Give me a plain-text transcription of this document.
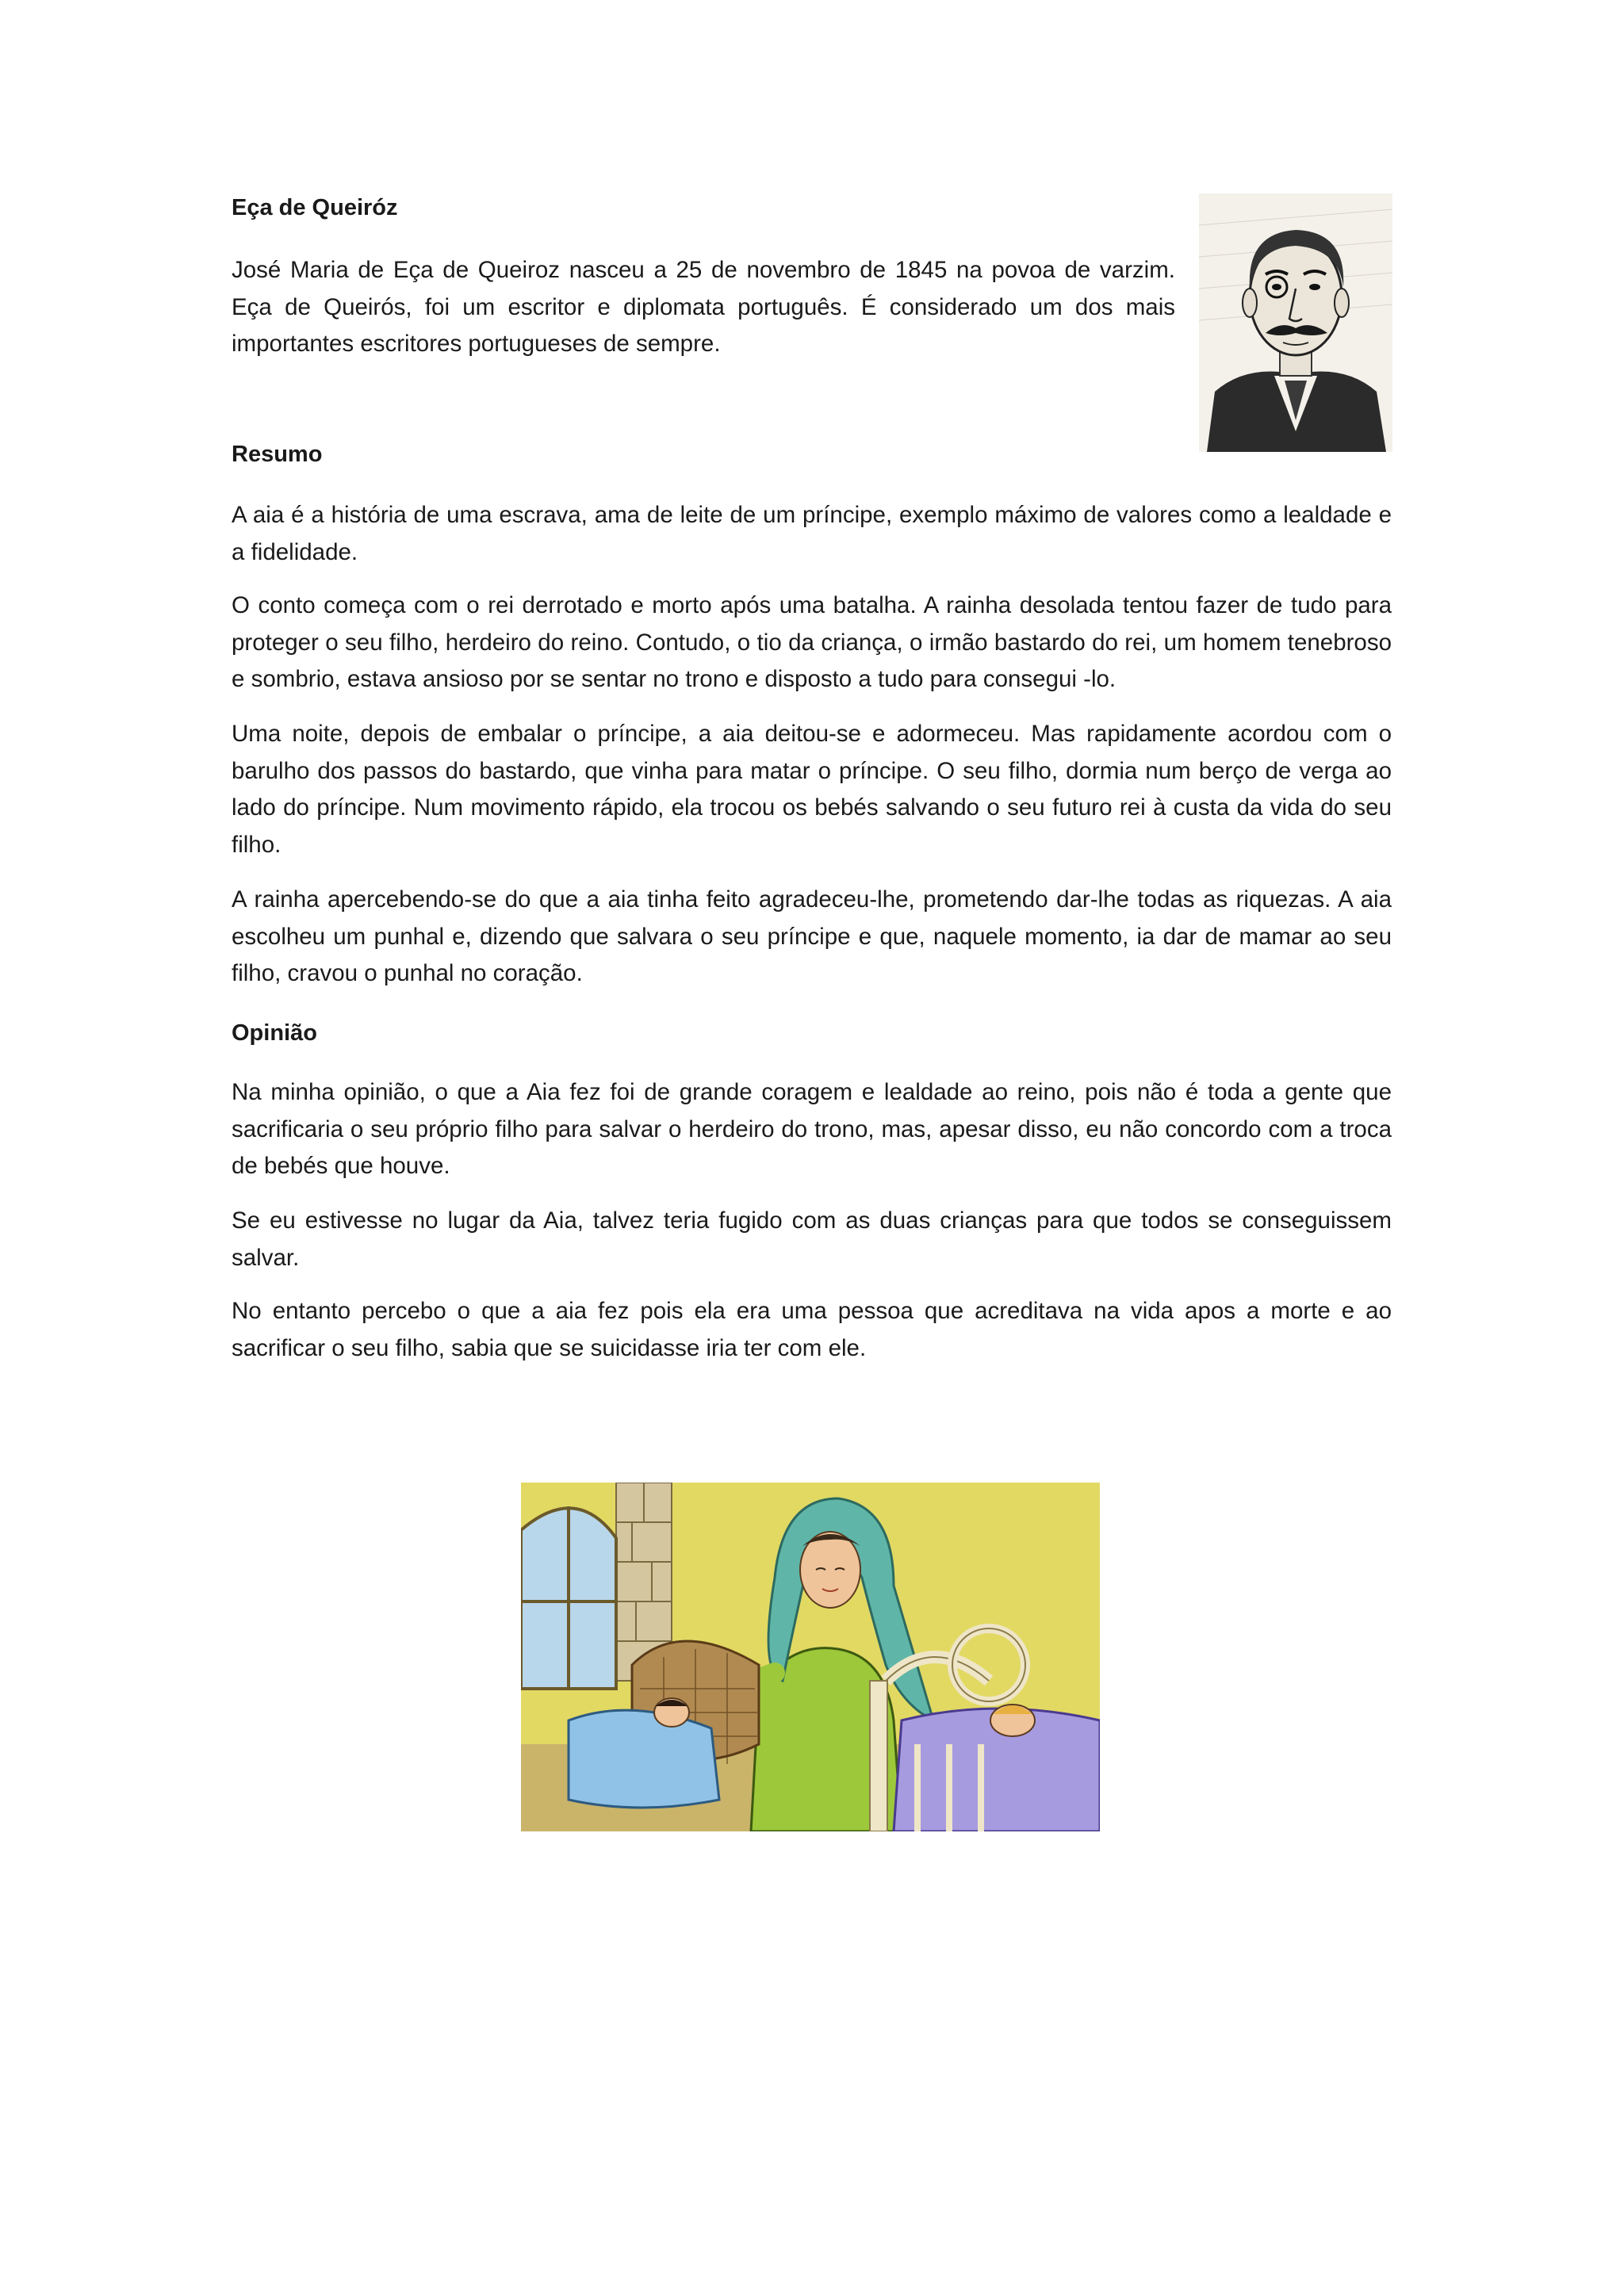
Eça de Queiróz

José Maria de Eça de Queiroz nasceu a 25 de novembro de 1845 na povoa de varzim. Eça de Queirós, foi um escritor e diplomata português. É considerado um dos mais importantes escritores portugueses de sempre.

Resumo

A aia é a história de uma escrava, ama de leite de um príncipe, exemplo máximo de valores como a lealdade e a fidelidade.

O conto começa com o rei derrotado e morto após uma batalha. A rainha desolada tentou fazer de tudo para proteger o seu filho, herdeiro do reino. Contudo, o tio da criança, o irmão bastardo do rei, um homem tenebroso e sombrio, estava ansioso por se sentar no trono e disposto a tudo para consegui -lo.

Uma noite, depois de embalar o príncipe, a aia deitou-se e adormeceu. Mas rapidamente acordou com o barulho dos passos do bastardo, que vinha para matar o príncipe. O seu filho, dormia num berço de verga ao lado do príncipe. Num movimento rápido, ela trocou os bebés salvando o seu futuro rei à custa da vida do seu filho.

A rainha apercebendo-se do que a aia tinha feito agradeceu-lhe, prometendo dar-lhe todas as riquezas. A aia escolheu um punhal e, dizendo que salvara o seu príncipe e que, naquele momento, ia dar de mamar ao seu filho, cravou o punhal no coração.

Opinião

Na minha opinião, o que a Aia fez foi de grande coragem e lealdade ao reino, pois não é toda a gente que sacrificaria o seu próprio filho para salvar o herdeiro do trono, mas, apesar disso, eu não concordo com a troca de bebés que houve.

Se eu estivesse no lugar da Aia, talvez teria fugido com as duas crianças para que todos se conseguissem salvar.

No entanto percebo o que a aia fez pois ela era uma pessoa que acreditava na vida apos a morte e ao sacrificar o seu filho, sabia que se suicidasse iria ter com ele.
